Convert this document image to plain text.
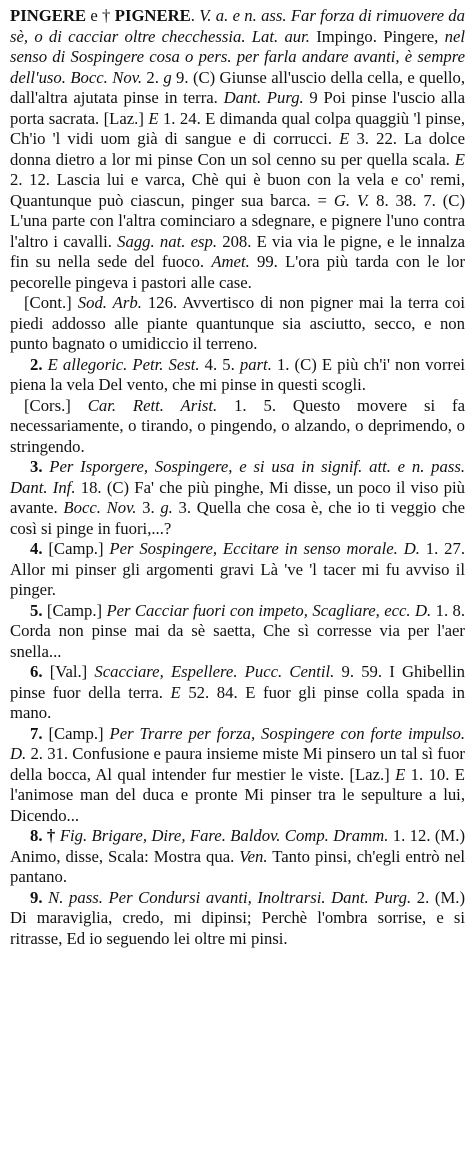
PINGERE e † PIGNERE. V. a. e n. ass. Far forza di rimuovere da sè, o di cacciar oltre checchessia. Lat. aur. Impingo. Pingere, nel senso di Sospingere cosa o pers. per farla andare avanti, è sempre dell'uso. Bocc. Nov. 2. g 9. (C) Giunse all'uscio della cella, e quello, dall'altra ajutata pinse in terra. Dant. Purg. 9 Poi pinse l'uscio alla porta sacrata. [Laz.] E 1. 24. E dimanda qual colpa quaggiù 'l pinse, Ch'io 'l vidi uom già di sangue e di corrucci. E 3. 22. La dolce donna dietro a lor mi pinse Con un sol cenno su per quella scala. E 2. 12. Lascia lui e varca, Chè qui è buon con la vela e co' remi, Quantunque può ciascun, pinger sua barca. = G. V. 8. 38. 7. (C) L'una parte con l'altra cominciaro a sdegnare, e pignere l'uno contra l'altro i cavalli. Sagg. nat. esp. 208. E via via le pigne, e le innalza fin su nella sede del fuoco. Amet. 99. L'ora più tarda con le lor pecorelle pingeva i pastori alle case.

[Cont.] Sod. Arb. 126. Avvertisco di non pigner mai la terra coi piedi addosso alle piante quantunque sia asciutto, secco, e non punto bagnato o umidiccio il terreno.

2. E allegoric. Petr. Sest. 4. 5. part. 1. (C) E più ch'i' non vorrei piena la vela Del vento, che mi pinse in questi scogli.

[Cors.] Car. Rett. Arist. 1. 5. Questo movere si fa necessariamente, o tirando, o pingendo, o alzando, o deprimendo, o stringendo.

3. Per Isporgere, Sospingere, e si usa in signif. att. e n. pass. Dant. Inf. 18. (C) Fa' che più pinghe, Mi disse, un poco il viso più avante. Bocc. Nov. 3. g. 3. Quella che cosa è, che io ti veggio che così si pinge in fuori,...?

4. [Camp.] Per Sospingere, Eccitare in senso morale. D. 1. 27. Allor mi pinser gli argomenti gravi Là 've 'l tacer mi fu avviso il pinger.

5. [Camp.] Per Cacciar fuori con impeto, Scagliare, ecc. D. 1. 8. Corda non pinse mai da sè saetta, Che sì corresse via per l'aer snella...

6. [Val.] Scacciare, Espellere. Pucc. Centil. 9. 59. I Ghibellin pinse fuor della terra. E 52. 84. E fuor gli pinse colla spada in mano.

7. [Camp.] Per Trarre per forza, Sospingere con forte impulso. D. 2. 31. Confusione e paura insieme miste Mi pinsero un tal sì fuor della bocca, Al qual intender fur mestier le viste. [Laz.] E 1. 10. E l'animose man del duca e pronte Mi pinser tra le sepulture a lui, Dicendo...

8. † Fig. Brigare, Dire, Fare. Baldov. Comp. Dramm. 1. 12. (M.) Animo, disse, Scala: Mostra qua. Ven. Tanto pinsi, ch'egli entrò nel pantano.

9. N. pass. Per Condursi avanti, Inoltrarsi. Dant. Purg. 2. (M.) Di maraviglia, credo, mi dipinsi; Perchè l'ombra sorrise, e si ritrasse, Ed io seguendo lei oltre mi pinsi.
